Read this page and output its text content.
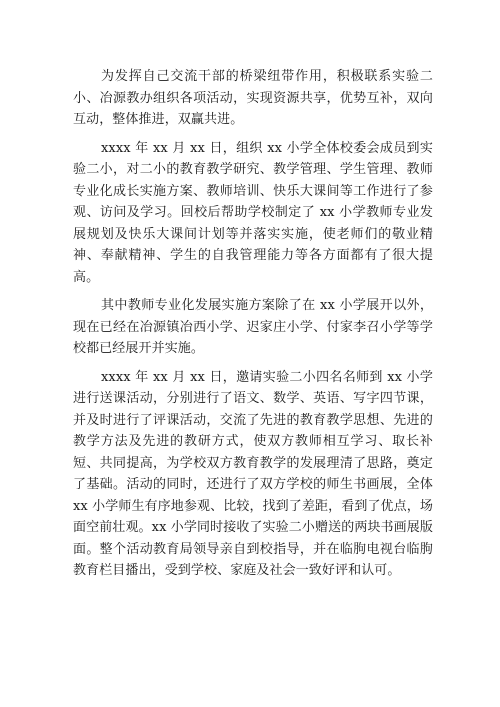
为发挥自己交流干部的桥梁纽带作用，积极联系实验二小、冶源教办组织各项活动，实现资源共享，优势互补，双向互动，整体推进，双赢共进。

xxxx 年 xx 月 xx 日，组织 xx 小学全体校委会成员到实验二小，对二小的教育教学研究、教学管理、学生管理、教师专业化成长实施方案、教师培训、快乐大课间等工作进行了参观、访问及学习。回校后帮助学校制定了 xx 小学教师专业发展规划及快乐大课间计划等并落实实施，使老师们的敬业精神、奉献精神、学生的自我管理能力等各方面都有了很大提高。

其中教师专业化发展实施方案除了在 xx 小学展开以外，现在已经在冶源镇冶西小学、迟家庄小学、付家李召小学等学校都已经展开并实施。

xxxx 年 xx 月 xx 日，邀请实验二小四名名师到 xx 小学进行送课活动，分别进行了语文、数学、英语、写字四节课，并及时进行了评课活动，交流了先进的教育教学思想、先进的教学方法及先进的教研方式，使双方教师相互学习、取长补短、共同提高，为学校双方教育教学的发展理清了思路，奠定了基础。活动的同时，还进行了双方学校的师生书画展，全体 xx 小学师生有序地参观、比较，找到了差距，看到了优点，场面空前壮观。xx 小学同时接收了实验二小赠送的两块书画展版面。整个活动教育局领导亲自到校指导，并在临朐电视台临朐教育栏目播出，受到学校、家庭及社会一致好评和认可。
